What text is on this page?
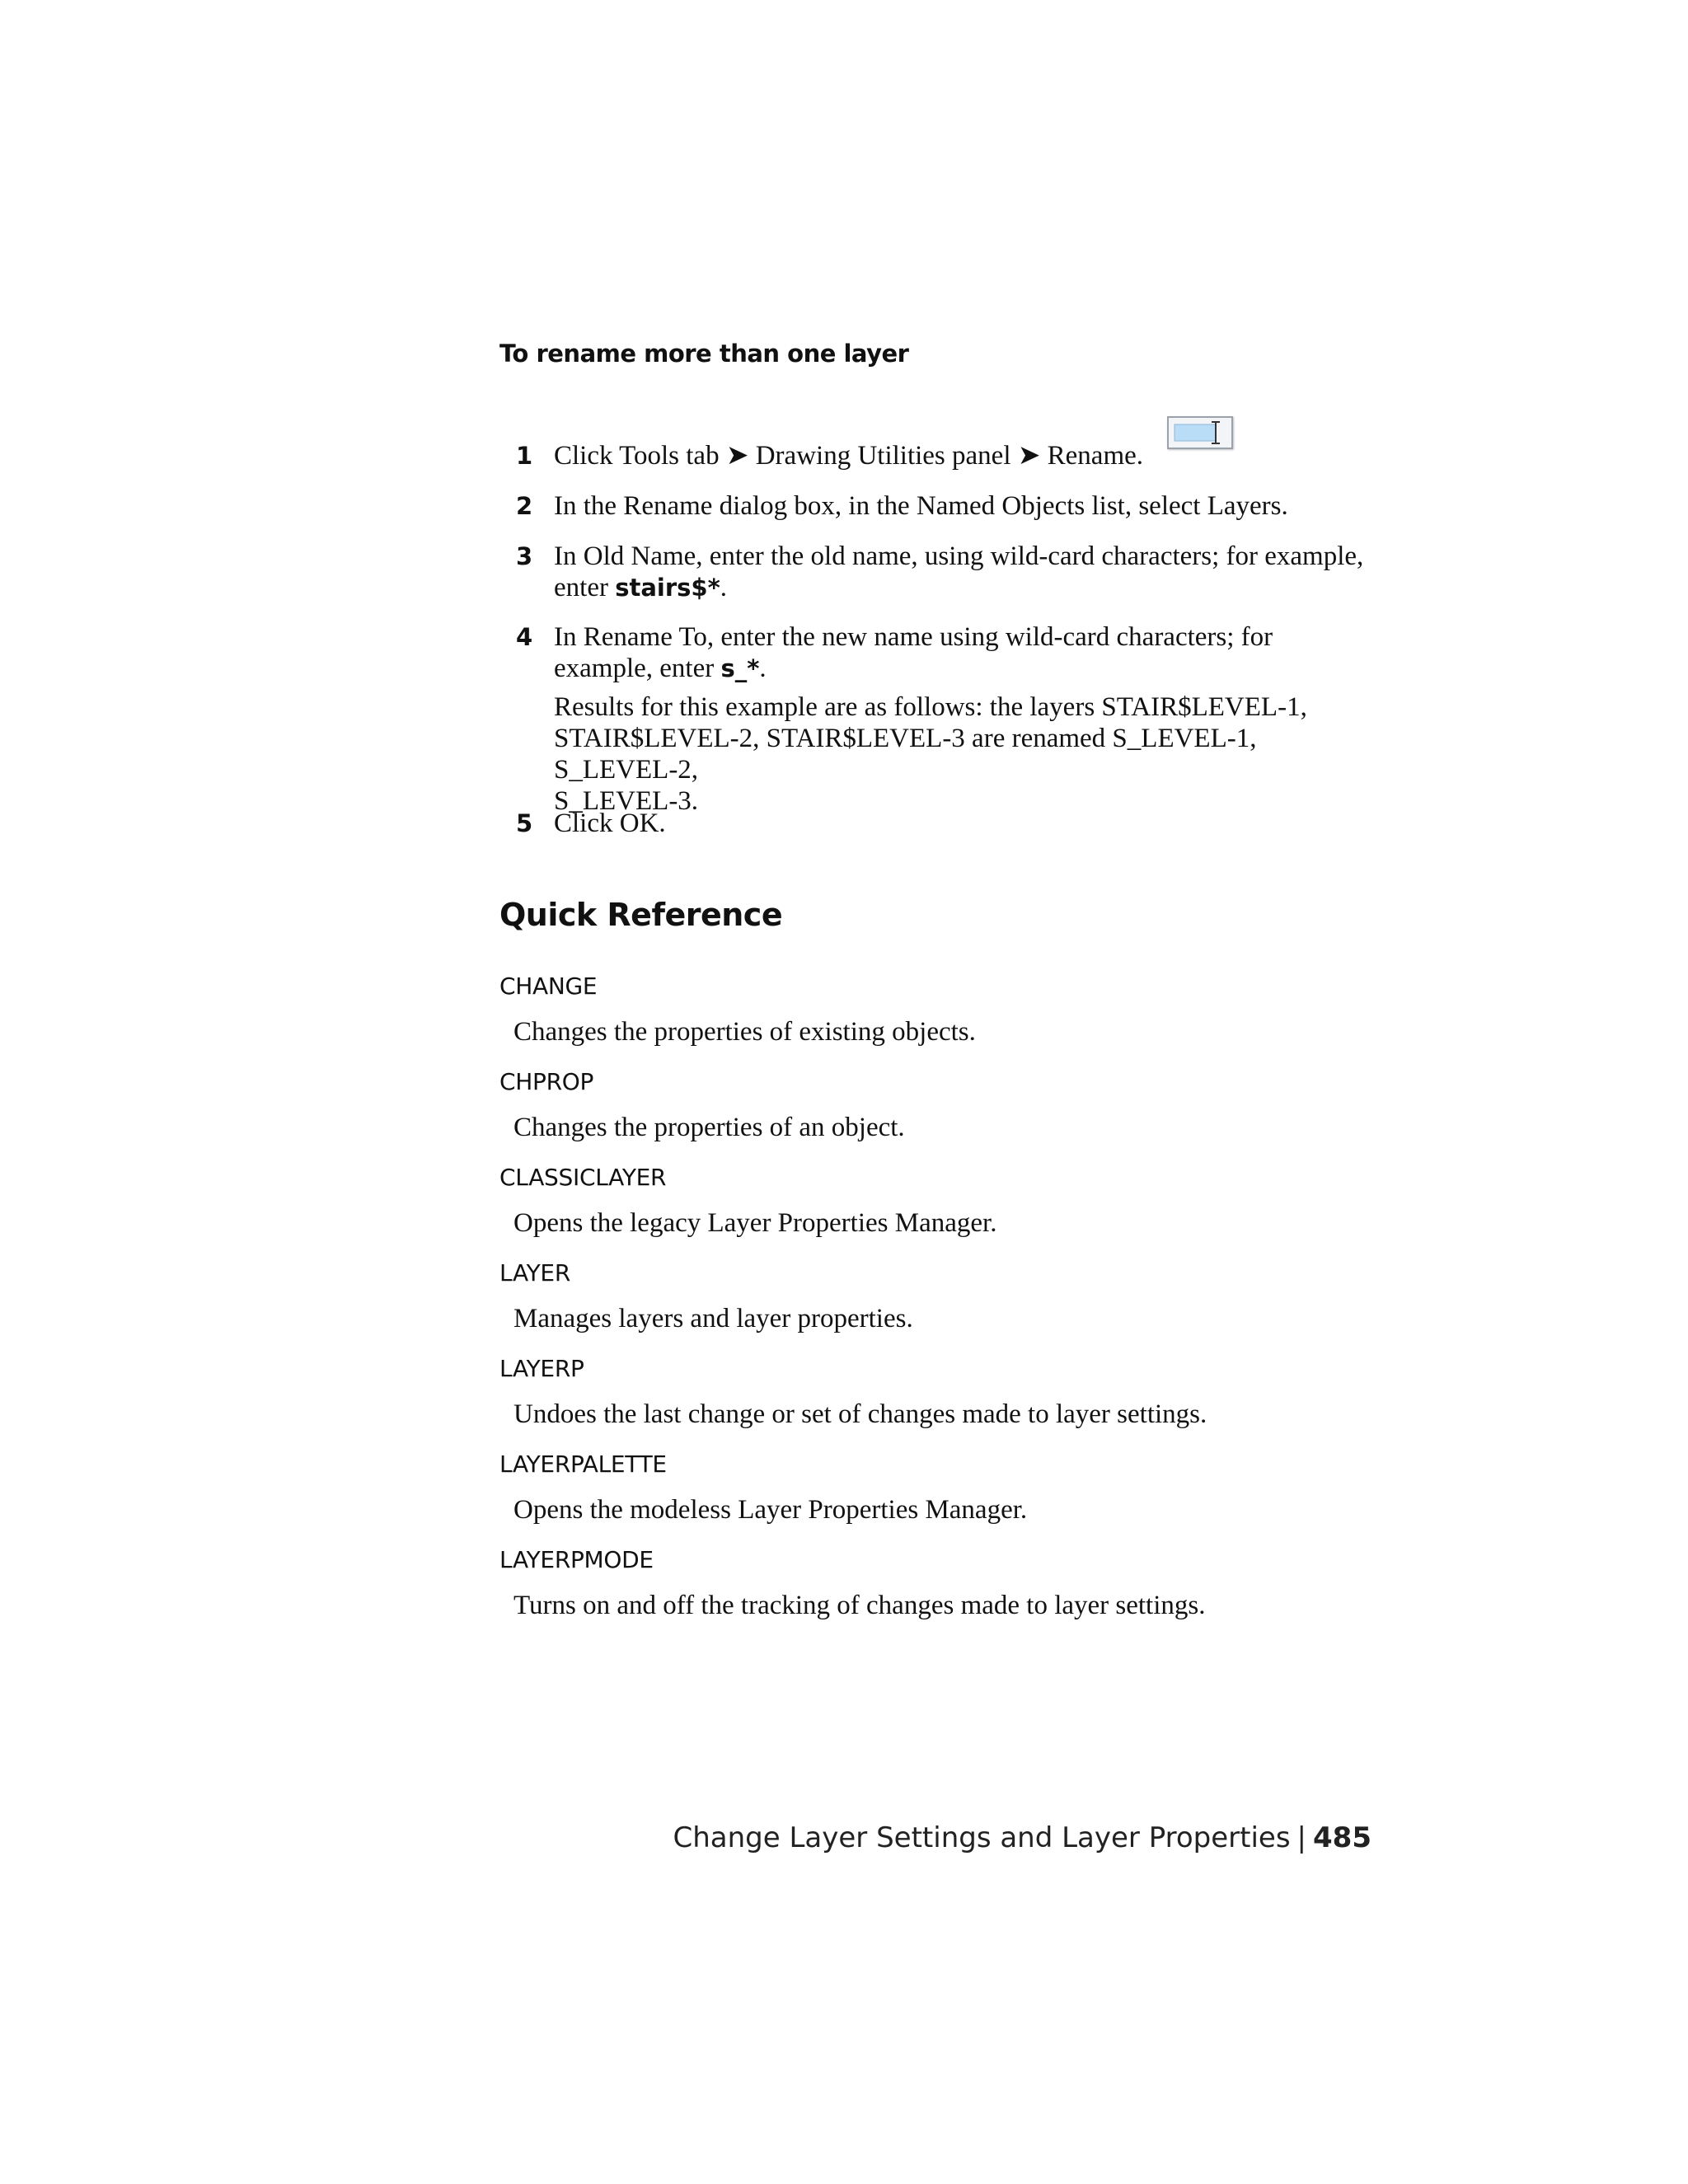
To rename more than one layer
1 Click Tools tab ➤ Drawing Utilities panel ➤ Rename.
2 In the Rename dialog box, in the Named Objects list, select Layers.
3 In Old Name, enter the old name, using wild-card characters; for example,
enter stairs$*.
4 In Rename To, enter the new name using wild-card characters; for
example, enter s_*.
Results for this example are as follows: the layers STAIR$LEVEL-1,
STAIR$LEVEL-2, STAIR$LEVEL-3 are renamed S_LEVEL-1, S_LEVEL-2,
S_LEVEL-3.
5 Click OK.
Quick Reference
CHANGE
Changes the properties of existing objects.
CHPROP
Changes the properties of an object.
CLASSICLAYER
Opens the legacy Layer Properties Manager.
LAYER
Manages layers and layer properties.
LAYERP
Undoes the last change or set of changes made to layer settings.
LAYERPALETTE
Opens the modeless Layer Properties Manager.
LAYERPMODE
Turns on and off the tracking of changes made to layer settings.
Change Layer Settings and Layer Properties | 485
